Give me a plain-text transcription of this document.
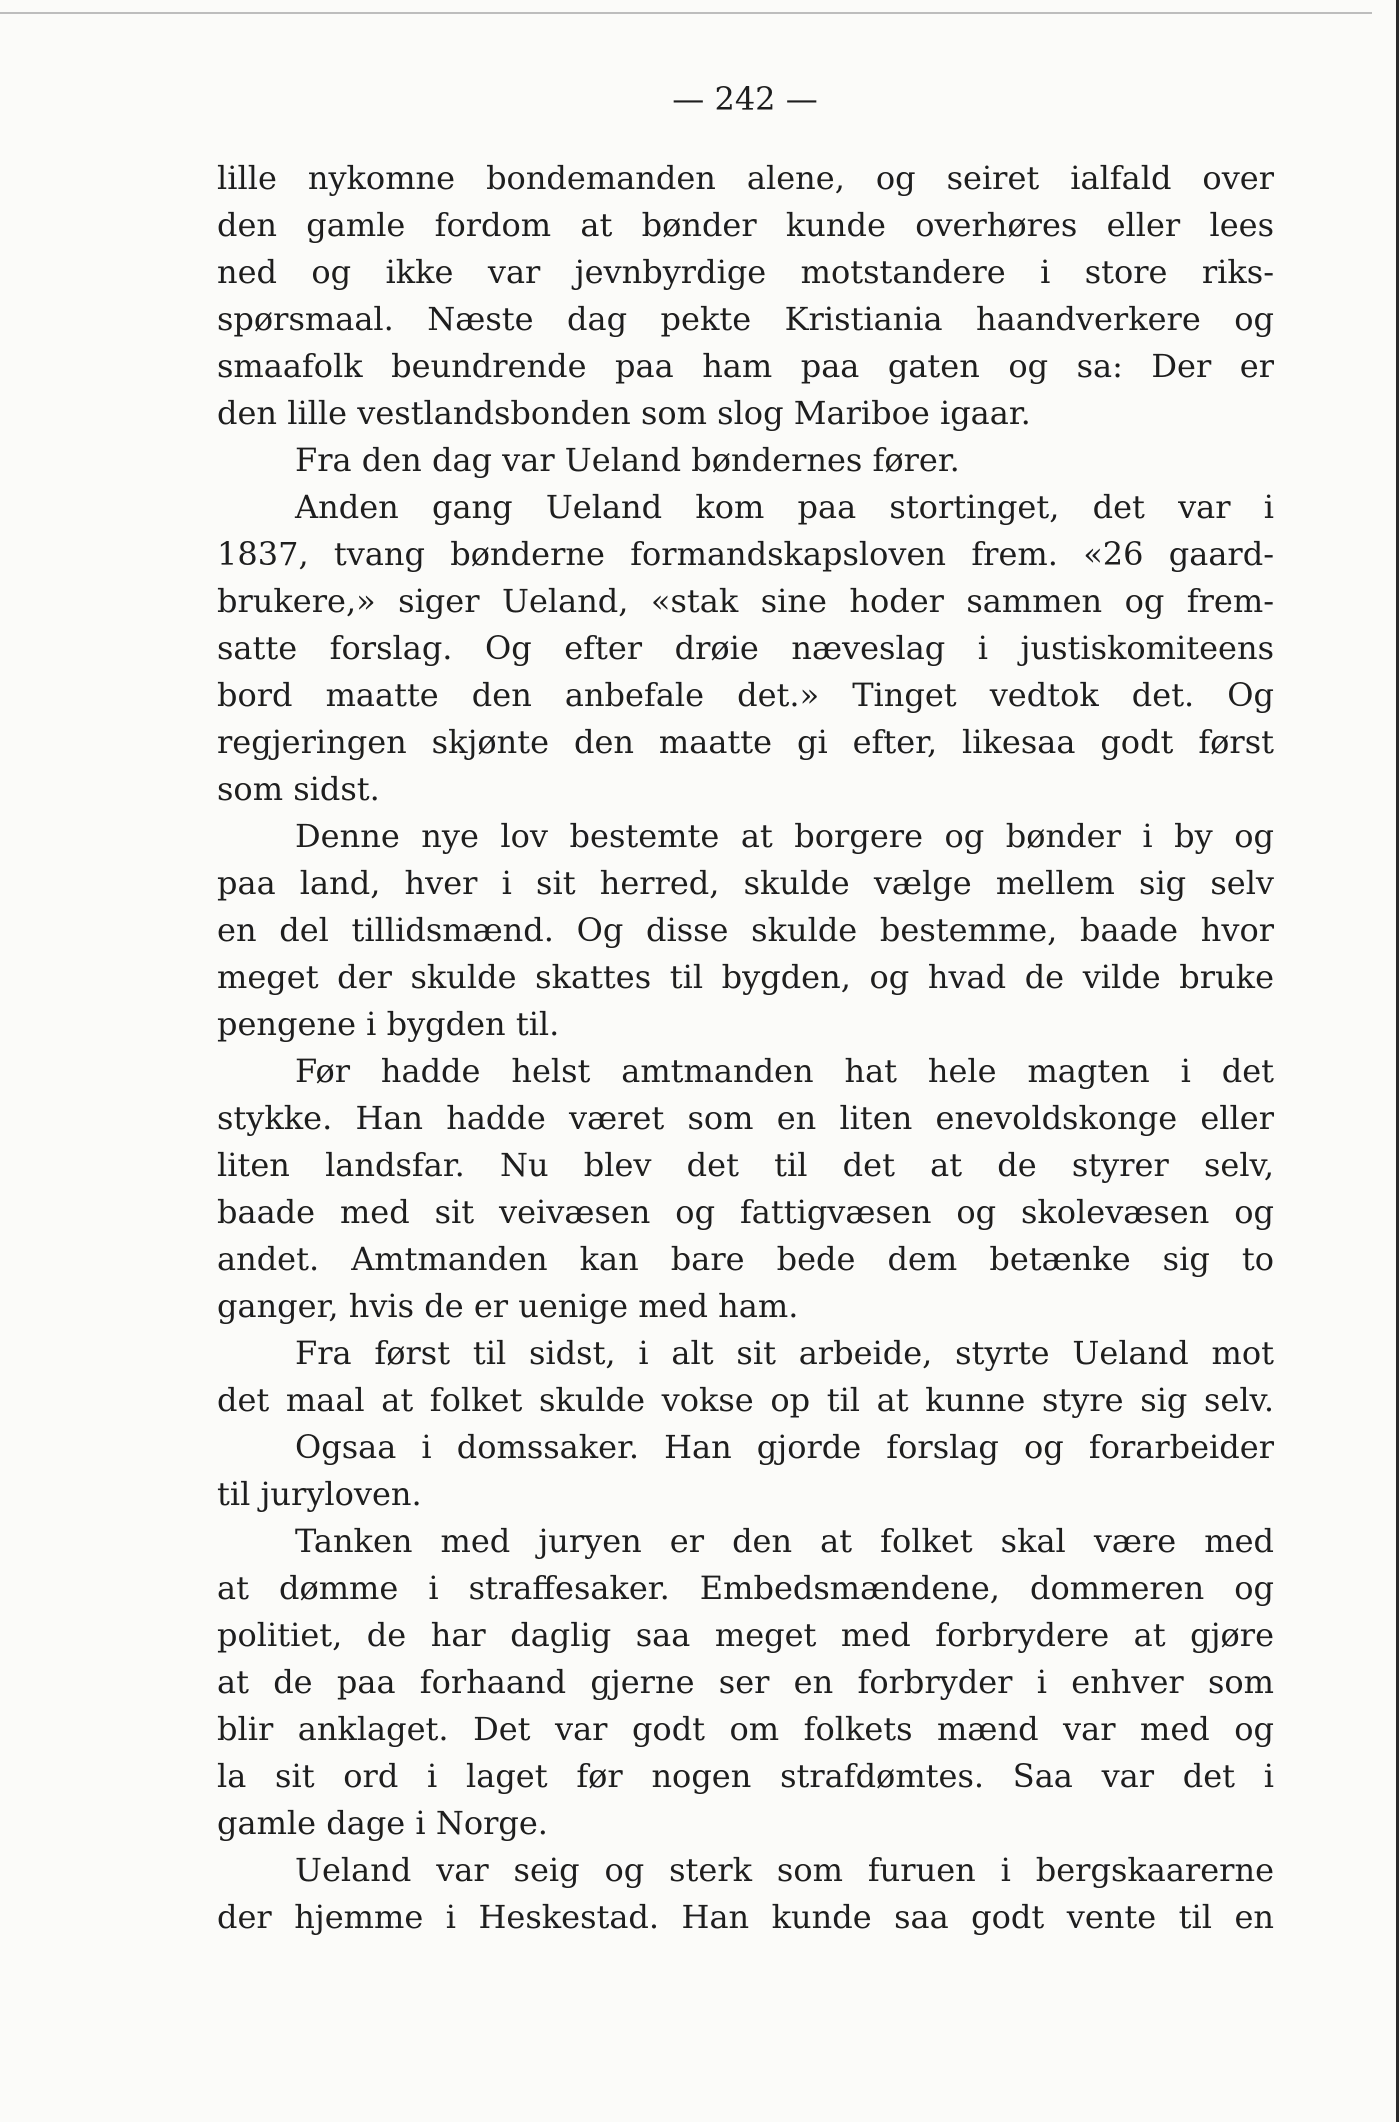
— 242 —
lille nykomne bondemanden alene, og seiret ialfald over
den gamle fordom at bønder kunde overhøres eller lees
ned og ikke var jevnbyrdige motstandere i store riks-
spørsmaal. Næste dag pekte Kristiania haandverkere og
smaafolk beundrende paa ham paa gaten og sa: Der er
den lille vestlandsbonden som slog Mariboe igaar.
Fra den dag var Ueland bøndernes fører.
Anden gang Ueland kom paa stortinget, det var i
1837, tvang bønderne formandskapsloven frem. «26 gaard-
brukere,» siger Ueland, «stak sine hoder sammen og frem-
satte forslag. Og efter drøie næveslag i justiskomiteens
bord maatte den anbefale det.» Tinget vedtok det. Og
regjeringen skjønte den maatte gi efter, likesaa godt først
som sidst.
Denne nye lov bestemte at borgere og bønder i by og
paa land, hver i sit herred, skulde vælge mellem sig selv
en del tillidsmænd. Og disse skulde bestemme, baade hvor
meget der skulde skattes til bygden, og hvad de vilde bruke
pengene i bygden til.
Før hadde helst amtmanden hat hele magten i det
stykke. Han hadde været som en liten enevoldskonge eller
liten landsfar. Nu blev det til det at de styrer selv,
baade med sit veivæsen og fattigvæsen og skolevæsen og
andet. Amtmanden kan bare bede dem betænke sig to
ganger, hvis de er uenige med ham.
Fra først til sidst, i alt sit arbeide, styrte Ueland mot
det maal at folket skulde vokse op til at kunne styre sig selv.
Ogsaa i domssaker. Han gjorde forslag og forarbeider
til juryloven.
Tanken med juryen er den at folket skal være med
at dømme i straffesaker. Embedsmændene, dommeren og
politiet, de har daglig saa meget med forbrydere at gjøre
at de paa forhaand gjerne ser en forbryder i enhver som
blir anklaget. Det var godt om folkets mænd var med og
la sit ord i laget før nogen strafdømtes. Saa var det i
gamle dage i Norge.
Ueland var seig og sterk som furuen i bergskaarerne
der hjemme i Heskestad. Han kunde saa godt vente til en
